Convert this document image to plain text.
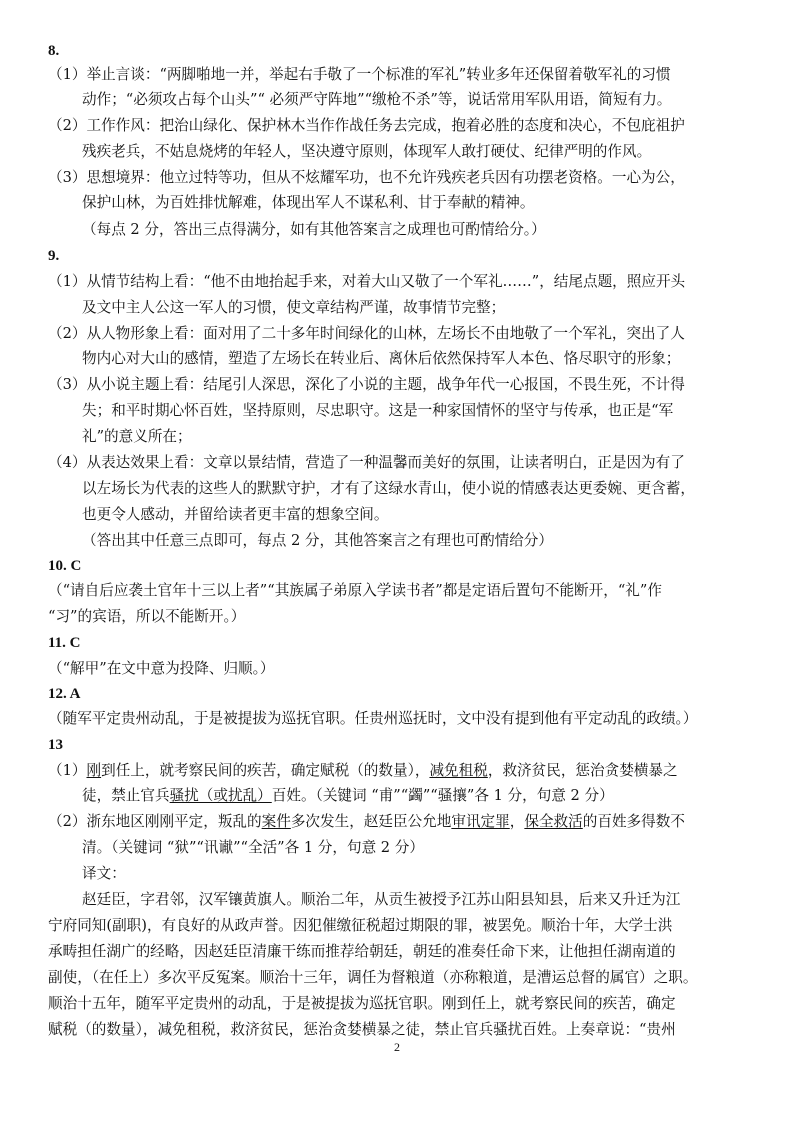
8.
（1）举止言谈：“两脚啪地一并，举起右手敬了一个标准的军礼”转业多年还保留着敬军礼的习惯
动作；“必须攻占每个山头”“ 必须严守阵地”“缴枪不杀”等，说话常用军队用语，简短有力。
（2）工作作风：把治山绿化、保护林木当作作战任务去完成，抱着必胜的态度和决心，不包庇祖护
残疾老兵，不姑息烧烤的年轻人，坚决遵守原则，体现军人敢打硬仗、纪律严明的作风。
（3）思想境界：他立过特等功，但从不炫耀军功，也不允许残疾老兵因有功摆老资格。一心为公，
保护山林，为百姓排忧解难，体现出军人不谋私利、甘于奉献的精神。
（每点 2 分，答出三点得满分，如有其他答案言之成理也可酌情给分。）
9.
（1）从情节结构上看：“他不由地抬起手来，对着大山又敬了一个军礼……”，结尾点题，照应开头
及文中主人公这一军人的习惯，使文章结构严谨，故事情节完整；
（2）从人物形象上看：面对用了二十多年时间绿化的山林，左场长不由地敬了一个军礼，突出了人
物内心对大山的感情，塑造了左场长在转业后、离休后依然保持军人本色、恪尽职守的形象；
（3）从小说主题上看：结尾引人深思，深化了小说的主题，战争年代一心报国，不畏生死，不计得
失；和平时期心怀百姓，坚持原则，尽忠职守。这是一种家国情怀的坚守与传承，也正是“军
礼”的意义所在；
（4）从表达效果上看：文章以景结情，营造了一种温馨而美好的氛围，让读者明白，正是因为有了
以左场长为代表的这些人的默默守护，才有了这绿水青山，使小说的情感表达更委婉、更含蓄，
也更令人感动，并留给读者更丰富的想象空间。
（答出其中任意三点即可，每点 2 分，其他答案言之有理也可酌情给分）
10. C
（“请自后应袭土官年十三以上者”“其族属子弟原入学读书者”都是定语后置句不能断开，“礼”作
“习”的宾语，所以不能断开。）
11. C
（“解甲”在文中意为投降、归顺。）
12. A
（随军平定贵州动乱，于是被提拔为巡抚官职。任贵州巡抚时，文中没有提到他有平定动乱的政绩。）
13
（1）刚到任上，就考察民间的疾苦，确定赋税（的数量），减免租税，救济贫民，惩治贪婪横暴之
徒，禁止官兵骚扰（或扰乱）百姓。（关键词 “甫”“蠲”“骚攘”各 1 分，句意 2 分）
（2）浙东地区刚刚平定，叛乱的案件多次发生，赵廷臣公允地审讯定罪，保全救活的百姓多得数不
清。（关键词 “狱”“讯谳”“全活”各 1 分，句意 2 分）
译文：
赵廷臣，字君邻，汉军镶黄旗人。顺治二年，从贡生被授予江苏山阳县知县，后来又升迁为江
宁府同知(副职)，有良好的从政声誉。因犯催缴征税超过期限的罪，被罢免。顺治十年，大学士洪
承畴担任湖广的经略，因赵廷臣清廉干练而推荐给朝廷，朝廷的准奏任命下来，让他担任湖南道的
副使，（在任上）多次平反冤案。顺治十三年，调任为督粮道（亦称粮道，是漕运总督的属官）之职。
顺治十五年，随军平定贵州的动乱，于是被提拔为巡抚官职。刚到任上，就考察民间的疾苦，确定
赋税（的数量），减免租税，救济贫民，惩治贪婪横暴之徒，禁止官兵骚扰百姓。上奏章说：“贵州
2
